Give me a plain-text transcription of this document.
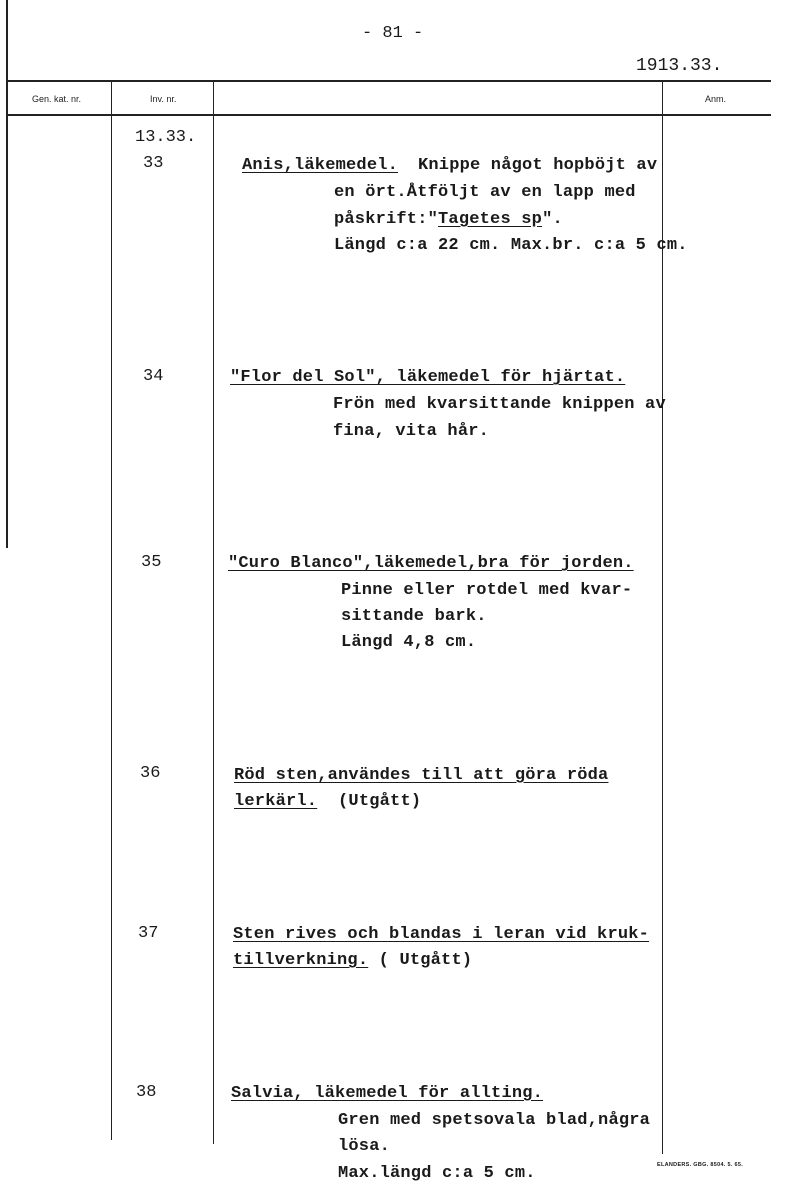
- 81 -
1913.33.
Gen. kat. nr.	Inv. nr.	Anm.
13.33.
33	Anis,läkemedel. Knippe något hopböjt av
en ört.Åtföljt av en lapp med
påskrift:"Tagetes sp".
Längd c:a 22 cm. Max.br. c:a 5 cm.
34	"Flor del Sol", läkemedel för hjärtat.
Frön med kvarsittande knippen av
fina, vita hår.
35	"Curo Blanco",läkemedel,bra för jorden.
Pinne eller rotdel med kvar-
sittande bark.
Längd 4,8 cm.
36	Röd sten,användes till att göra röda
lerkärl. (Utgått)
37	Sten rives och blandas i leran vid kruk-
tillverkning. ( Utgått)
38	Salvia, läkemedel för allting.
Gren med spetsovala blad,några
lösa.
Max.längd c:a 5 cm.	ELANDERS. GBG. 8504. 5. 65.
